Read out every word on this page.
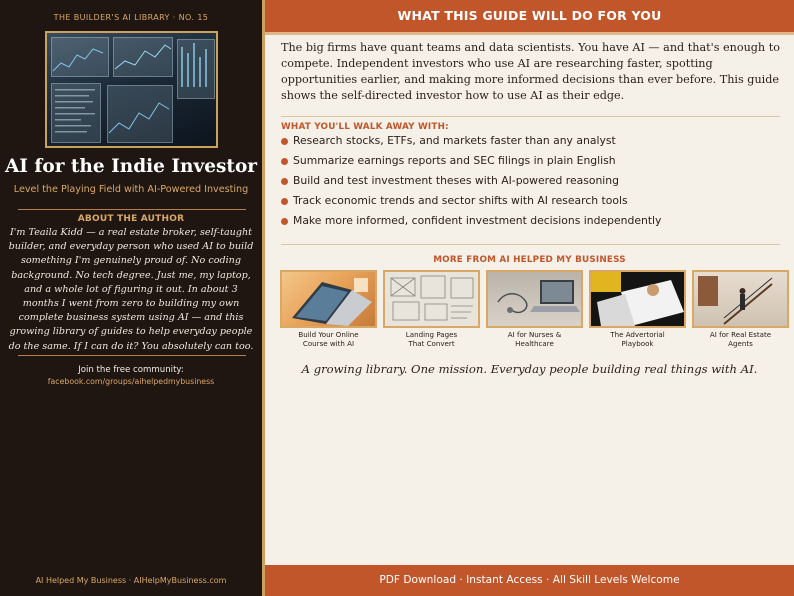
THE BUILDER'S AI LIBRARY · NO. 15
AI for the Indie Investor
Level the Playing Field with AI-Powered Investing
ABOUT THE AUTHOR
I'm Teaila Kidd — a real estate broker, self-taught builder, and everyday person who used AI to build something I'm genuinely proud of. No coding background. No tech degree. Just me, my laptop, and a whole lot of figuring it out. In about 3 months I went from zero to building my own complete business system using AI — and this growing library of guides to help everyday people do the same. If I can do it? You absolutely can too.
Join the free community:
facebook.com/groups/aihelpedmybusiness
AI Helped My Business · AIHelpMyBusiness.com
WHAT THIS GUIDE WILL DO FOR YOU
The big firms have quant teams and data scientists. You have AI — and that's enough to compete. Independent investors who use AI are researching faster, spotting opportunities earlier, and making more informed decisions than ever before. This guide shows the self-directed investor how to use AI as their edge.
WHAT YOU'LL WALK AWAY WITH:
Research stocks, ETFs, and markets faster than any analyst
Summarize earnings reports and SEC filings in plain English
Build and test investment theses with AI-powered reasoning
Track economic trends and sector shifts with AI research tools
Make more informed, confident investment decisions independently
MORE FROM AI HELPED MY BUSINESS
Build Your Online
Course with AI
Landing Pages
That Convert
AI for Nurses &
Healthcare
The Advertorial
Playbook
AI for Real Estate
Agents
A growing library. One mission. Everyday people building real things with AI.
PDF Download · Instant Access · All Skill Levels Welcome
